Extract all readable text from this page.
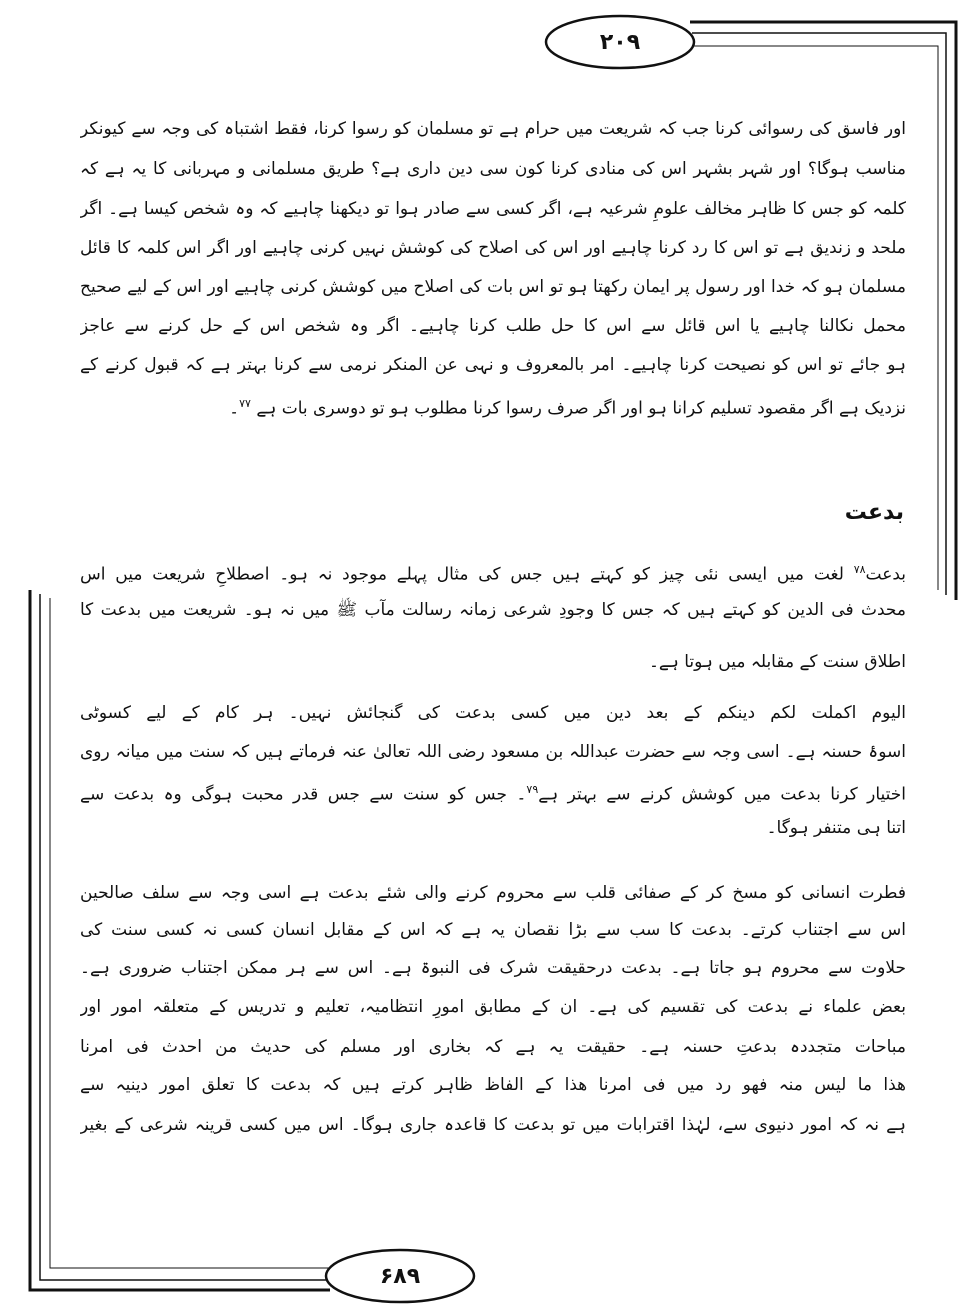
۲۰۹
۶۸۹
اور فاسق کی رسوائی کرنا جب کہ شریعت میں حرام ہے تو مسلمان کو رسوا کرنا، فقط اشتباہ کی وجہ سے کیونکر
مناسب ہوگا؟ اور شہر بشہر اس کی منادی کرنا کون سی دین داری ہے؟ طریق مسلمانی و مہربانی کا یہ ہے کہ
کلمہ کو جس کا ظاہر مخالف علومِ شرعیہ ہے، اگر کسی سے صادر ہوا تو دیکھنا چاہیے کہ وہ شخص کیسا ہے۔ اگر
ملحد و زندیق ہے تو اس کا رد کرنا چاہیے اور اس کی اصلاح کی کوشش نہیں کرنی چاہیے اور اگر اس کلمہ کا قائل
مسلمان ہو کہ خدا اور رسول پر ایمان رکھتا ہو تو اس بات کی اصلاح میں کوشش کرنی چاہیے اور اس کے لیے صحیح
محمل نکالنا چاہیے یا اس قائل سے اس کا حل طلب کرنا چاہیے۔ اگر وہ شخص اس کے حل کرنے سے عاجز
ہو جائے تو اس کو نصیحت کرنا چاہیے۔ امر بالمعروف و نہی عن المنکر نرمی سے کرنا بہتر ہے کہ قبول کرنے کے
نزدیک ہے اگر مقصود تسلیم کرانا ہو اور اگر صرف رسوا کرنا مطلوب ہو تو دوسری بات ہے $^{۷۷}$۔
بدعت
بدعت$^{۷۸}$ لغت میں ایسی نئی چیز کو کہتے ہیں جس کی مثال پہلے موجود نہ ہو۔ اصطلاحِ شریعت میں اس
محدث فی الدین کو کہتے ہیں کہ جس کا وجودِ شرعی زمانہ رسالت مآب ﷺ میں نہ ہو۔ شریعت میں بدعت کا
اطلاق سنت کے مقابلہ میں ہوتا ہے۔
الیوم اکملت لکم دینکم کے بعد دین میں کسی بدعت کی گنجائش نہیں۔ ہر کام کے لیے کسوٹی
اسوۂ حسنہ ہے۔ اسی وجہ سے حضرت عبداللہ بن مسعود رضی اللہ تعالیٰ عنہ فرماتے ہیں کہ سنت میں میانہ روی
اختیار کرنا بدعت میں کوشش کرنے سے بہتر ہے$^{۷۹}$۔ جس کو سنت سے جس قدر محبت ہوگی وہ بدعت سے
اتنا ہی متنفر ہوگا۔
فطرت انسانی کو مسخ کر کے صفائی قلب سے محروم کرنے والی شئے بدعت ہے اسی وجہ سے سلف صالحین
اس سے اجتناب کرتے۔ بدعت کا سب سے بڑا نقصان یہ ہے کہ اس کے مقابل انسان کسی نہ کسی سنت کی
حلاوت سے محروم ہو جاتا ہے۔ بدعت درحقیقت شرک فی النبوۃ ہے۔ اس سے ہر ممکن اجتناب ضروری ہے۔
بعض علماء نے بدعت کی تقسیم کی ہے۔ ان کے مطابق امورِ انتظامیہ، تعلیم و تدریس کے متعلقہ امور اور
مباحات متجددہ بدعتِ حسنہ ہے۔ حقیقت یہ ہے کہ بخاری اور مسلم کی حدیث من احدث فی امرنا
ھذا ما لیس منہ فھو رد میں فی امرنا ھذا کے الفاظ ظاہر کرتے ہیں کہ بدعت کا تعلق امور دینیہ سے
ہے نہ کہ امور دنیوی سے، لہٰذا اقترابات میں تو بدعت کا قاعدہ جاری ہوگا۔ اس میں کسی قرینہ شرعی کے بغیر
